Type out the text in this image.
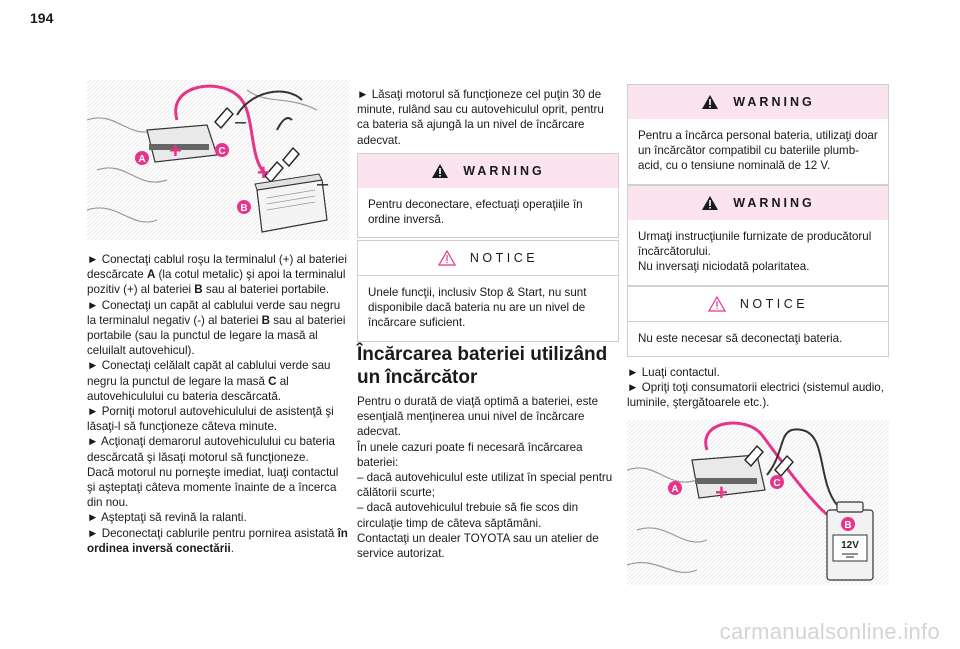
194
+
+
–
–
A
C
B

► Conectaţi cablul roşu la terminalul (+) al bateriei descărcate A (la cotul metalic) şi apoi la terminalul pozitiv (+) al bateriei B sau al bateriei portabile.

► Conectaţi un capăt al cablului verde sau negru la terminalul negativ (-) al bateriei B sau al bateriei portabile (sau la punctul de legare la masă al celuilalt autovehicul).

► Conectaţi celălalt capăt al cablului verde sau negru la punctul de legare la masă C al autovehiculului cu bateria descărcată.

► Porniţi motorul autovehiculului de asistenţă şi lăsaţi-l să funcţioneze câteva minute.

► Acţionaţi demarorul autovehiculului cu bateria descărcată şi lăsaţi motorul să funcţioneze.

Dacă motorul nu porneşte imediat, luaţi contactul şi aşteptaţi câteva momente înainte de a încerca din nou.

► Aşteptaţi să revină la ralanti.

► Deconectaţi cablurile pentru pornirea asistată în ordinea inversă conectării.

► Lăsaţi motorul să funcţioneze cel puţin 30 de minute, rulând sau cu autovehiculul oprit, pentru ca bateria să ajungă la un nivel de încărcare adecvat.

WARNING

Pentru deconectare, efectuaţi operaţiile în ordine inversă.

NOTICE

Unele funcţii, inclusiv Stop & Start, nu sunt disponibile dacă bateria nu are un nivel de încărcare suficient.

Încărcarea bateriei utilizând un încărcător

Pentru o durată de viaţă optimă a bateriei, este esenţială menţinerea unui nivel de încărcare adecvat.

În unele cazuri poate fi necesară încărcarea bateriei:

– dacă autovehiculul este utilizat în special pentru călătorii scurte;

– dacă autovehiculul trebuie să fie scos din circulaţie timp de câteva săptămâni.

Contactaţi un dealer TOYOTA sau un atelier de service autorizat.

WARNING

Pentru a încărca personal bateria, utilizaţi doar un încărcător compatibil cu bateriile plumb-acid, cu o tensiune nominală de 12 V.

WARNING

Urmaţi instrucţiunile furnizate de producătorul încărcătorului.

Nu inversaţi niciodată polaritatea.

NOTICE

Nu este necesar să deconectaţi bateria.

► Luaţi contactul.

► Opriţi toţi consumatorii electrici (sistemul audio, luminile, ştergătoarele etc.).

+
12V
A
C
B
carmanualsonline.info
